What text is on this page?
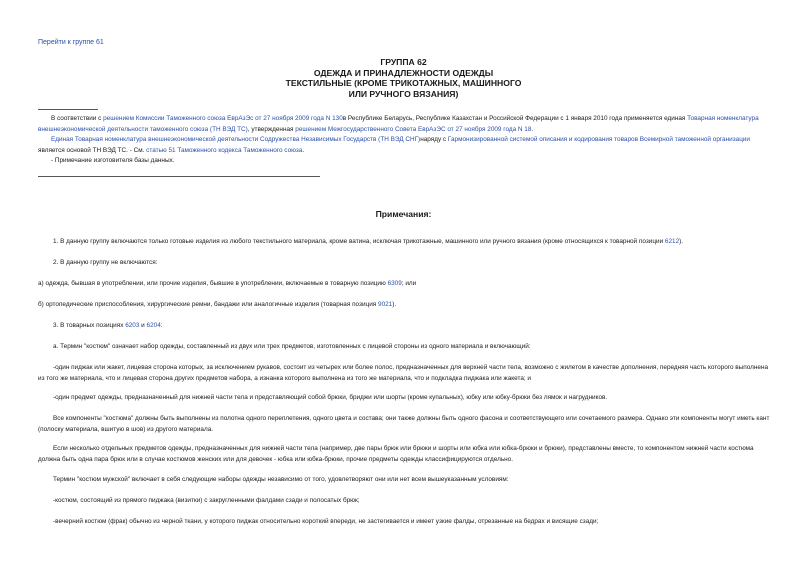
Перейти к группе 61
ГРУППА 62
ОДЕЖДА И ПРИНАДЛЕЖНОСТИ ОДЕЖДЫ
ТЕКСТИЛЬНЫЕ (КРОМЕ ТРИКОТАЖНЫХ, МАШИННОГО
ИЛИ РУЧНОГО ВЯЗАНИЯ)

В соответствии с решением Комиссии Таможенного союза ЕврАзЭс от 27 ноября 2009 года N 130в Республике Беларусь, Республике Казахстан и Российской Федерации с 1 января 2010 года применяется единая Товарная номенклатура внешнеэкономической деятельности таможенного союза (ТН ВЭД ТС), утвержденная решением Межгосударственного Совета ЕврАзЭС от 27 ноября 2009 года N 18.

Единая Товарная номенклатура внешнеэкономической деятельности Содружества Независимых Государств (ТН ВЭД СНГ)наряду с Гармонизированной системой описания и кодирования товаров Всемирной таможенной организации является основой ТН ВЭД ТС. - См. статью 51 Таможенного кодекса Таможенного союза.

- Примечание изготовителя базы данных.

Примечания:

1. В данную группу включаются только готовые изделия из любого текстильного материала, кроме ватина, исключая трикотажные, машинного или ручного вязания (кроме относящихся к товарной позиции 6212).

2. В данную группу не включаются:

а) одежда, бывшая в употреблении, или прочие изделия, бывшие в употреблении, включаемые в товарную позицию 6309; или

б) ортопедические приспособления, хирургические ремни, бандажи или аналогичные изделия (товарная позиция 9021).

3. В товарных позициях 6203 и 6204:

а. Термин "костюм" означает набор одежды, составленный из двух или трех предметов, изготовленных с лицевой стороны из одного материала и включающий:

-один пиджак или жакет, лицевая сторона которых, за исключением рукавов, состоит из четырех или более полос, предназначенных для верхней части тела, возможно с жилетом в качестве дополнения, передняя часть которого выполнена из того же материала, что и лицевая сторона других предметов набора, а изнанка которого выполнена из того же материала, что и подкладка пиджака или жакета; и

-один предмет одежды, предназначенный для нижней части тела и представляющий собой брюки, бриджи или шорты (кроме купальных), юбку или юбку-брюки без лямок и нагрудников.

Все компоненты "костюма" должны быть выполнены из полотна одного переплетения, одного цвета и состава; они также должны быть одного фасона и соответствующего или сочетаемого размера. Однако эти компоненты могут иметь кант (полоску материала, вшитую в шов) из другого материала.

Если несколько отдельных предметов одежды, предназначенных для нижней части тела (например, две пары брюк или брюки и шорты или юбка или юбка-брюки и брюки), представлены вместе, то компонентом нижней части костюма должна быть одна пара брюк или в случае костюмов женских или для девочек - юбка или юбка-брюки, прочие предметы одежды классифицируются отдельно.

Термин "костюм мужской" включает в себя следующие наборы одежды независимо от того, удовлетворяют они или нет всем вышеуказанным условиям:

-костюм, состоящий из прямого пиджака (визитки) с закругленными фалдами сзади и полосатых брюк;

-вечерний костюм (фрак) обычно из черной ткани, у которого пиджак относительно короткий впереди, не застегивается и имеет узкие фалды, отрезанные на бедрах и висящие сзади;
